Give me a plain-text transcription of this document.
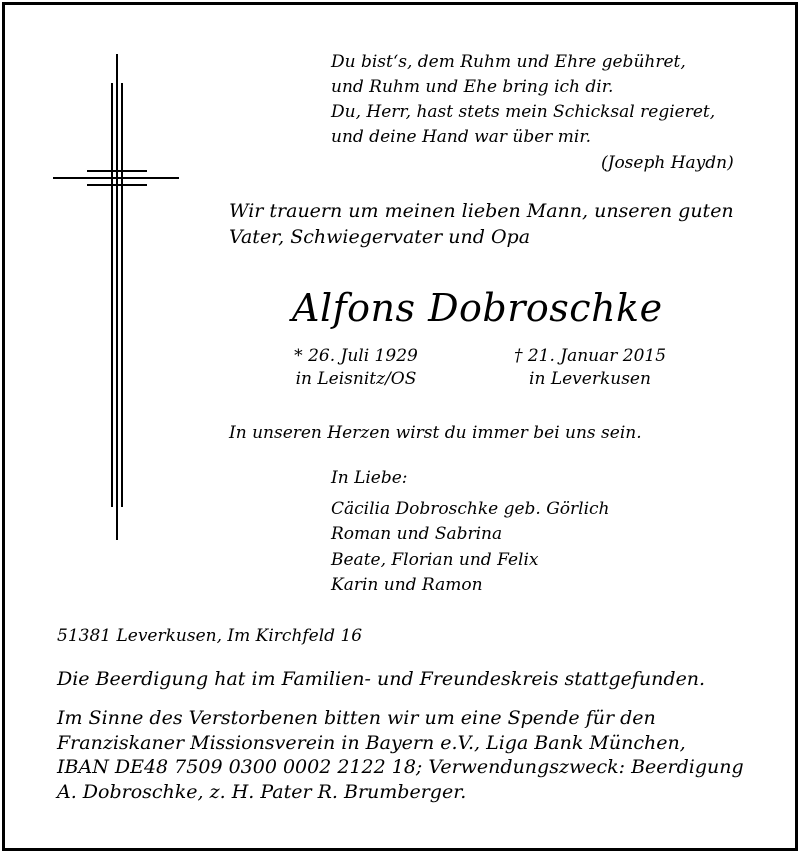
Du bist‘s, dem Ruhm und Ehre gebühret,
und Ruhm und Ehe bring ich dir.
Du, Herr, hast stets mein Schicksal regieret,
und deine Hand war über mir.
(Joseph Haydn)
Wir trauern um meinen lieben Mann, unseren guten
Vater, Schwiegervater und Opa
Alfons Dobroschke
* 26. Juli 1929
in Leisnitz/OS
† 21. Januar 2015
in Leverkusen
In unseren Herzen wirst du immer bei uns sein.
In Liebe:
Cäcilia Dobroschke geb. Görlich
Roman und Sabrina
Beate, Florian und Felix
Karin und Ramon
51381 Leverkusen, Im Kirchfeld 16
Die Beerdigung hat im Familien- und Freundeskreis stattgefunden.
Im Sinne des Verstorbenen bitten wir um eine Spende für den
Franziskaner Missionsverein in Bayern e.V., Liga Bank München,
IBAN DE48 7509 0300 0002 2122 18; Verwendungszweck: Beerdigung
A. Dobroschke, z. H. Pater R. Brumberger.
